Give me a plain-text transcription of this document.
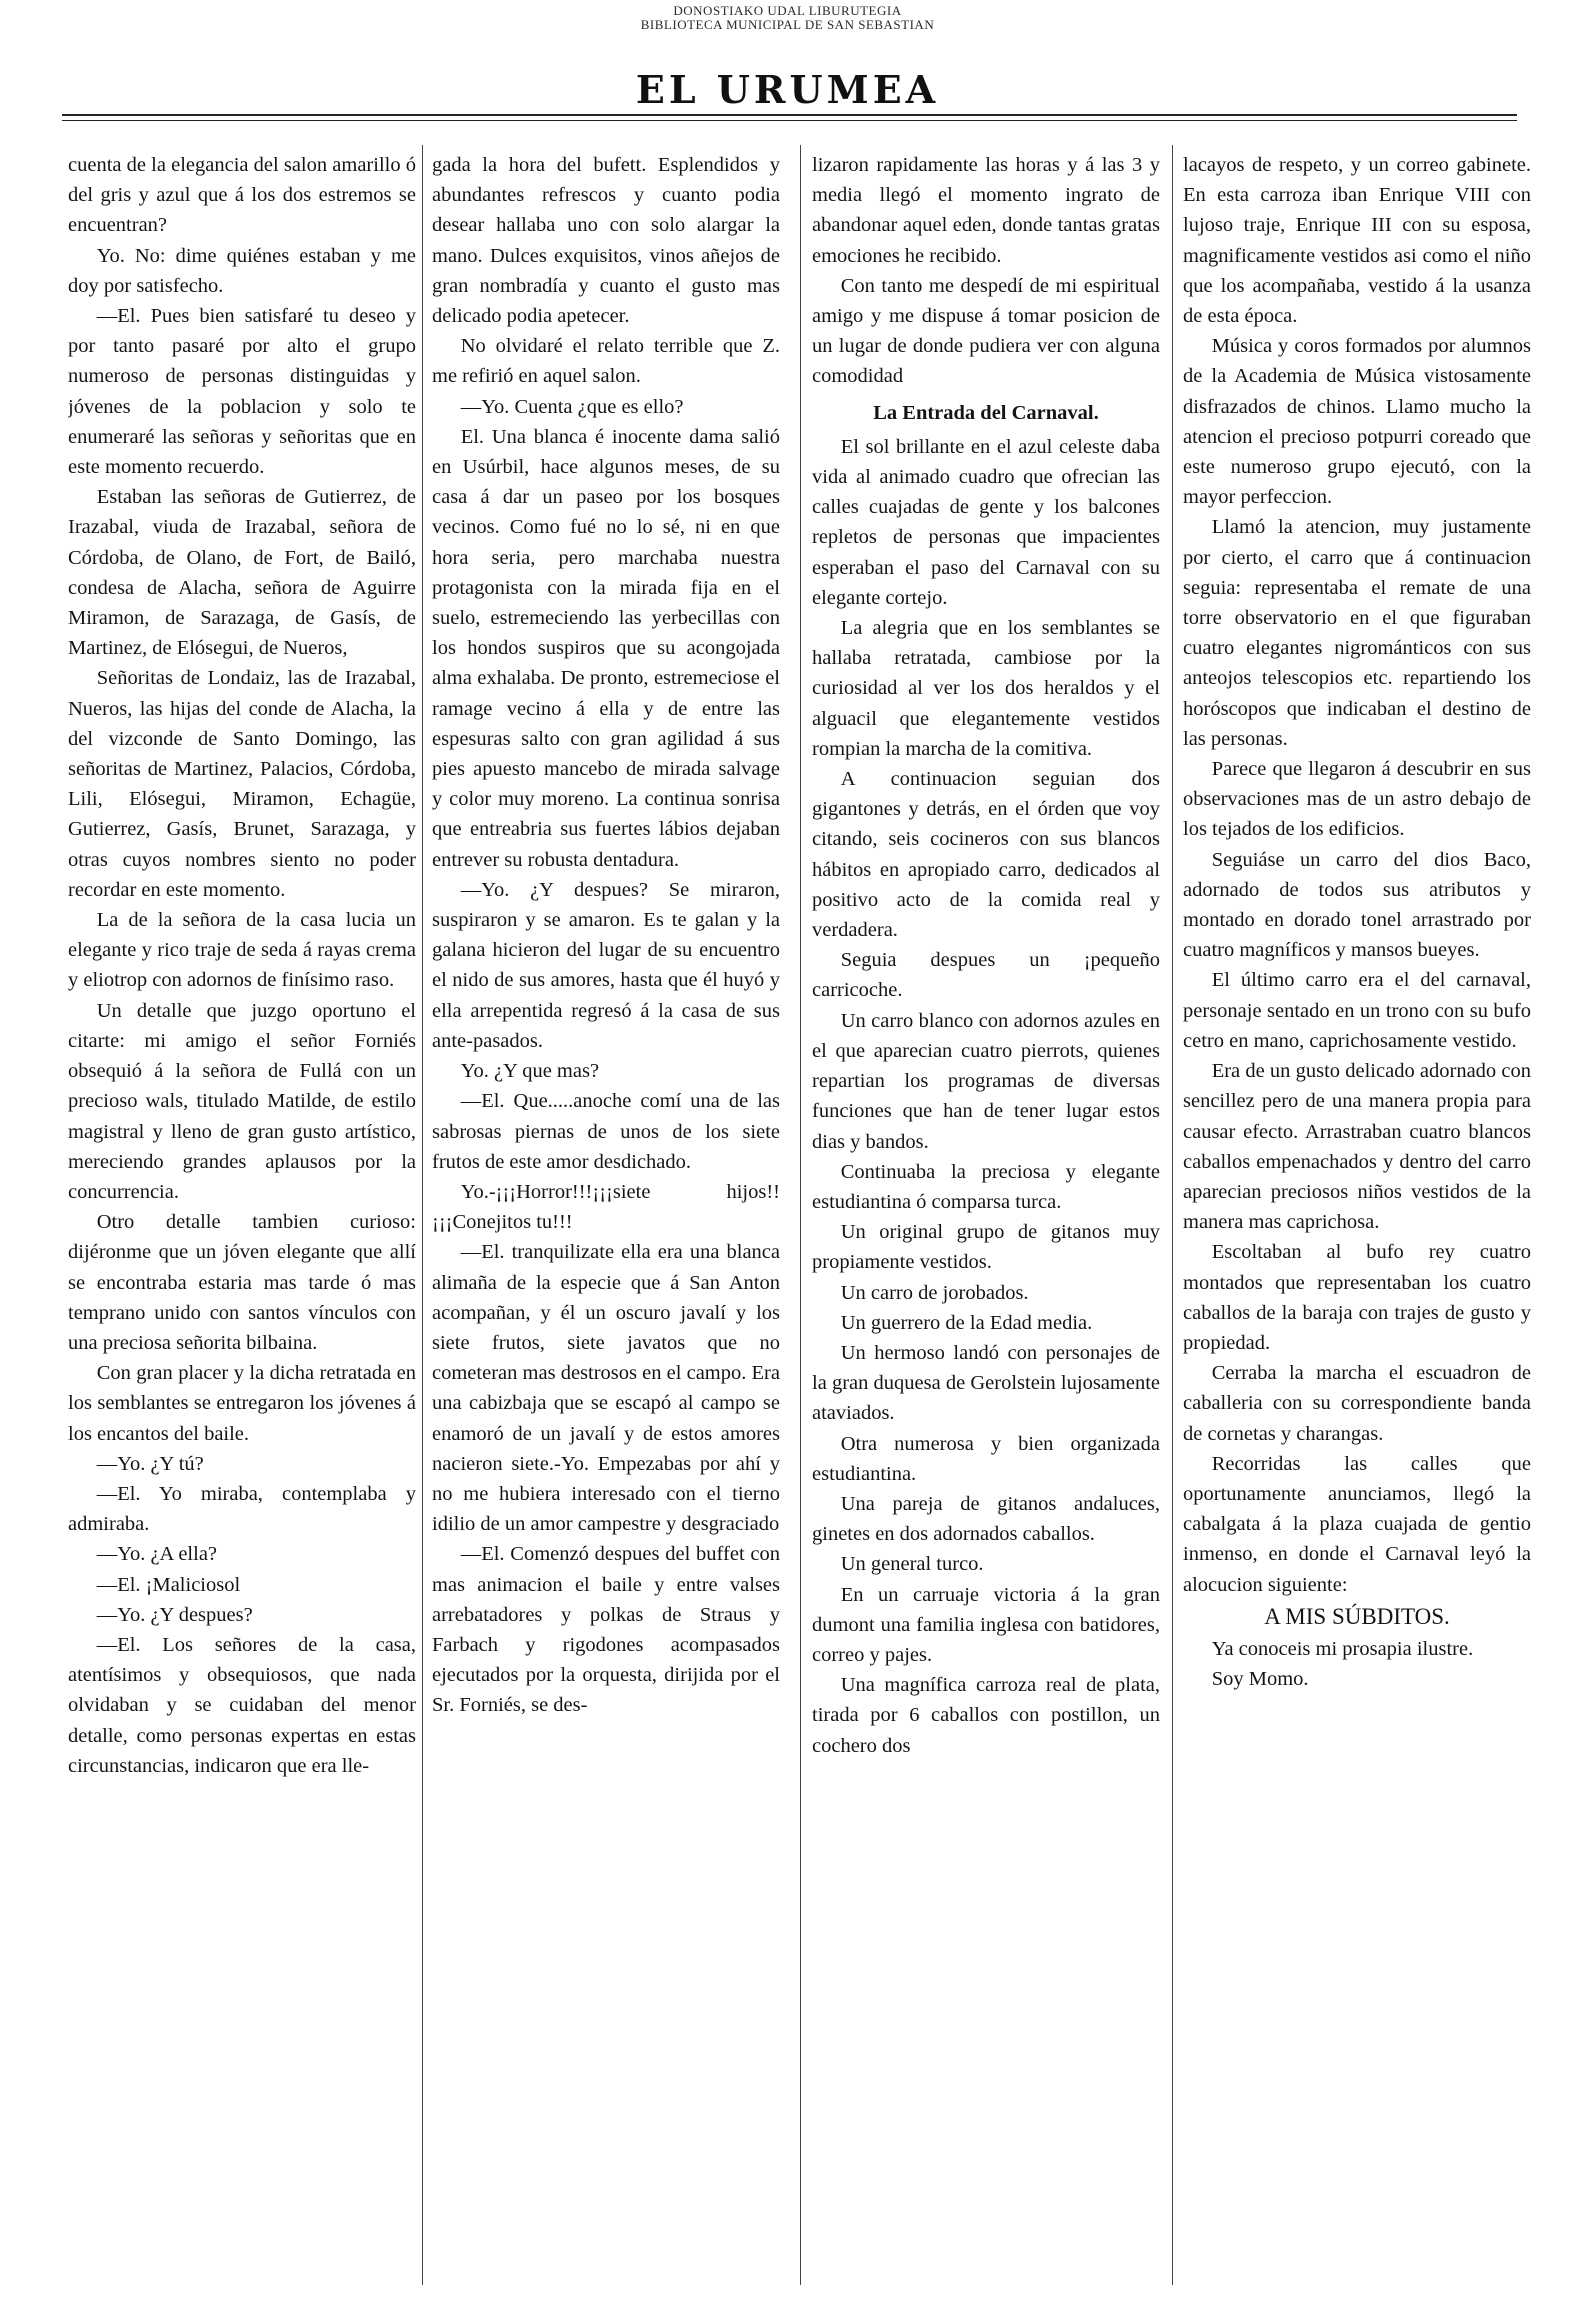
DONOSTIAKO UDAL LIBURUTEGIA
BIBLIOTECA MUNICIPAL DE SAN SEBASTIAN
EL URUMEA

cuenta de la elegancia del salon amarillo ó del gris y azul que á los dos estremos se encuentran?

Yo. No: dime quiénes estaban y me doy por satisfecho.

—El. Pues bien satisfaré tu deseo y por tanto pasaré por alto el grupo numeroso de personas distinguidas y jóvenes de la poblacion y solo te enumeraré las señoras y señoritas que en este momento recuerdo.

Estaban las señoras de Gutierrez, de Irazabal, viuda de Irazabal, señora de Córdoba, de Olano, de Fort, de Bailó, condesa de Alacha, señora de Aguirre Miramon, de Sarazaga, de Gasís, de Martinez, de Elósegui, de Nueros,

Señoritas de Londaiz, las de Irazabal, Nueros, las hijas del conde de Alacha, la del vizconde de Santo Domingo, las señoritas de Martinez, Palacios, Córdoba, Lili, Elósegui, Miramon, Echagüe, Gutierrez, Gasís, Brunet, Sarazaga, y otras cuyos nombres siento no poder recordar en este momento.

La de la señora de la casa lucia un elegante y rico traje de seda á rayas crema y eliotrop con adornos de finísimo raso.

Un detalle que juzgo oportuno el citarte: mi amigo el señor Forniés obsequió á la señora de Fullá con un precioso wals, titulado Matilde, de estilo magistral y lleno de gran gusto artístico, mereciendo grandes aplausos por la concurrencia.

Otro detalle tambien curioso: dijéronme que un jóven elegante que allí se encontraba estaria mas tarde ó mas temprano unido con santos vínculos con una preciosa señorita bilbaina.

Con gran placer y la dicha retratada en los semblantes se entregaron los jóvenes á los encantos del baile.

—Yo. ¿Y tú?

—El. Yo miraba, contemplaba y admiraba.

—Yo. ¿A ella?

—El. ¡Maliciosol

—Yo. ¿Y despues?

—El. Los señores de la casa, atentísimos y obsequiosos, que nada olvidaban y se cuidaban del menor detalle, como personas expertas en estas circunstancias, indicaron que era lle-

gada la hora del bufett. Esplendidos y abundantes refrescos y cuanto podia desear hallaba uno con solo alargar la mano. Dulces exquisitos, vinos añejos de gran nombradía y cuanto el gusto mas delicado podia apetecer.

No olvidaré el relato terrible que Z. me refirió en aquel salon.

—Yo. Cuenta ¿que es ello?

El. Una blanca é inocente dama salió en Usúrbil, hace algunos meses, de su casa á dar un paseo por los bosques vecinos. Como fué no lo sé, ni en que hora seria, pero marchaba nuestra protagonista con la mirada fija en el suelo, estremeciendo las yerbecillas con los hondos suspiros que su acongojada alma exhalaba. De pronto, estremeciose el ramage vecino á ella y de entre las espesuras salto con gran agilidad á sus pies apuesto mancebo de mirada salvage y color muy moreno. La continua sonrisa que entreabria sus fuertes lábios dejaban entrever su robusta dentadura.

—Yo. ¿Y despues? Se miraron, suspiraron y se amaron. Es te galan y la galana hicieron del lugar de su encuentro el nido de sus amores, hasta que él huyó y ella arrepentida regresó á la casa de sus ante-pasados.

Yo. ¿Y que mas?

—El. Que.....anoche comí una de las sabrosas piernas de unos de los siete frutos de este amor desdichado.

Yo.-¡¡¡Horror!!!¡¡¡siete hijos!! ¡¡¡Conejitos tu!!!

—El. tranquilizate ella era una blanca alimaña de la especie que á San Anton acompañan, y él un oscuro javalí y los siete frutos, siete javatos que no cometeran mas destrosos en el campo. Era una cabizbaja que se escapó al campo se enamoró de un javalí y de estos amores nacieron siete.-Yo. Empezabas por ahí y no me hubiera interesado con el tierno idilio de un amor campestre y desgraciado

—El. Comenzó despues del buffet con mas animacion el baile y entre valses arrebatadores y polkas de Straus y Farbach y rigodones acompasados ejecutados por la orquesta, dirijida por el Sr. Forniés, se des-

lizaron rapidamente las horas y á las 3 y media llegó el momento ingrato de abandonar aquel eden, donde tantas gratas emociones he recibido.

Con tanto me despedí de mi espiritual amigo y me dispuse á tomar posicion de un lugar de donde pudiera ver con alguna comodidad

La Entrada del Carnaval.

El sol brillante en el azul celeste daba vida al animado cuadro que ofrecian las calles cuajadas de gente y los balcones repletos de personas que impacientes esperaban el paso del Carnaval con su elegante cortejo.

La alegria que en los semblantes se hallaba retratada, cambiose por la curiosidad al ver los dos heraldos y el alguacil que elegantemente vestidos rompian la marcha de la comitiva.

A continuacion seguian dos gigantones y detrás, en el órden que voy citando, seis cocineros con sus blancos hábitos en apropiado carro, dedicados al positivo acto de la comida real y verdadera.

Seguia despues un ¡pequeño carricoche.

Un carro blanco con adornos azules en el que aparecian cuatro pierrots, quienes repartian los programas de diversas funciones que han de tener lugar estos dias y bandos.

Continuaba la preciosa y elegante estudiantina ó comparsa turca.

Un original grupo de gitanos muy propiamente vestidos.

Un carro de jorobados.

Un guerrero de la Edad media.

Un hermoso landó con personajes de la gran duquesa de Gerolstein lujosamente ataviados.

Otra numerosa y bien organizada estudiantina.

Una pareja de gitanos andaluces, ginetes en dos adornados caballos.

Un general turco.

En un carruaje victoria á la gran dumont una familia inglesa con batidores, correo y pajes.

Una magnífica carroza real de plata, tirada por 6 caballos con postillon, un cochero dos

lacayos de respeto, y un correo gabinete. En esta carroza iban Enrique VIII con lujoso traje, Enrique III con su esposa, magnificamente vestidos asi como el niño que los acompañaba, vestido á la usanza de esta época.

Música y coros formados por alumnos de la Academia de Música vistosamente disfrazados de chinos. Llamo mucho la atencion el precioso potpurri coreado que este numeroso grupo ejecutó, con la mayor perfeccion.

Llamó la atencion, muy justamente por cierto, el carro que á continuacion seguia: representaba el remate de una torre observatorio en el que figuraban cuatro elegantes nigrománticos con sus anteojos telescopios etc. repartiendo los horóscopos que indicaban el destino de las personas.

Parece que llegaron á descubrir en sus observaciones mas de un astro debajo de los tejados de los edificios.

Seguiáse un carro del dios Baco, adornado de todos sus atributos y montado en dorado tonel arrastrado por cuatro magníficos y mansos bueyes.

El último carro era el del carnaval, personaje sentado en un trono con su bufo cetro en mano, caprichosamente vestido.

Era de un gusto delicado adornado con sencillez pero de una manera propia para causar efecto. Arrastraban cuatro blancos caballos empenachados y dentro del carro aparecian preciosos niños vestidos de la manera mas caprichosa.

Escoltaban al bufo rey cuatro montados que representaban los cuatro caballos de la baraja con trajes de gusto y propiedad.

Cerraba la marcha el escuadron de caballeria con su correspondiente banda de cornetas y charangas.

Recorridas las calles que oportunamente anunciamos, llegó la cabalgata á la plaza cuajada de gentio inmenso, en donde el Carnaval leyó la alocucion siguiente:

A MIS SÚBDITOS.

Ya conoceis mi prosapia ilustre.

Soy Momo.
